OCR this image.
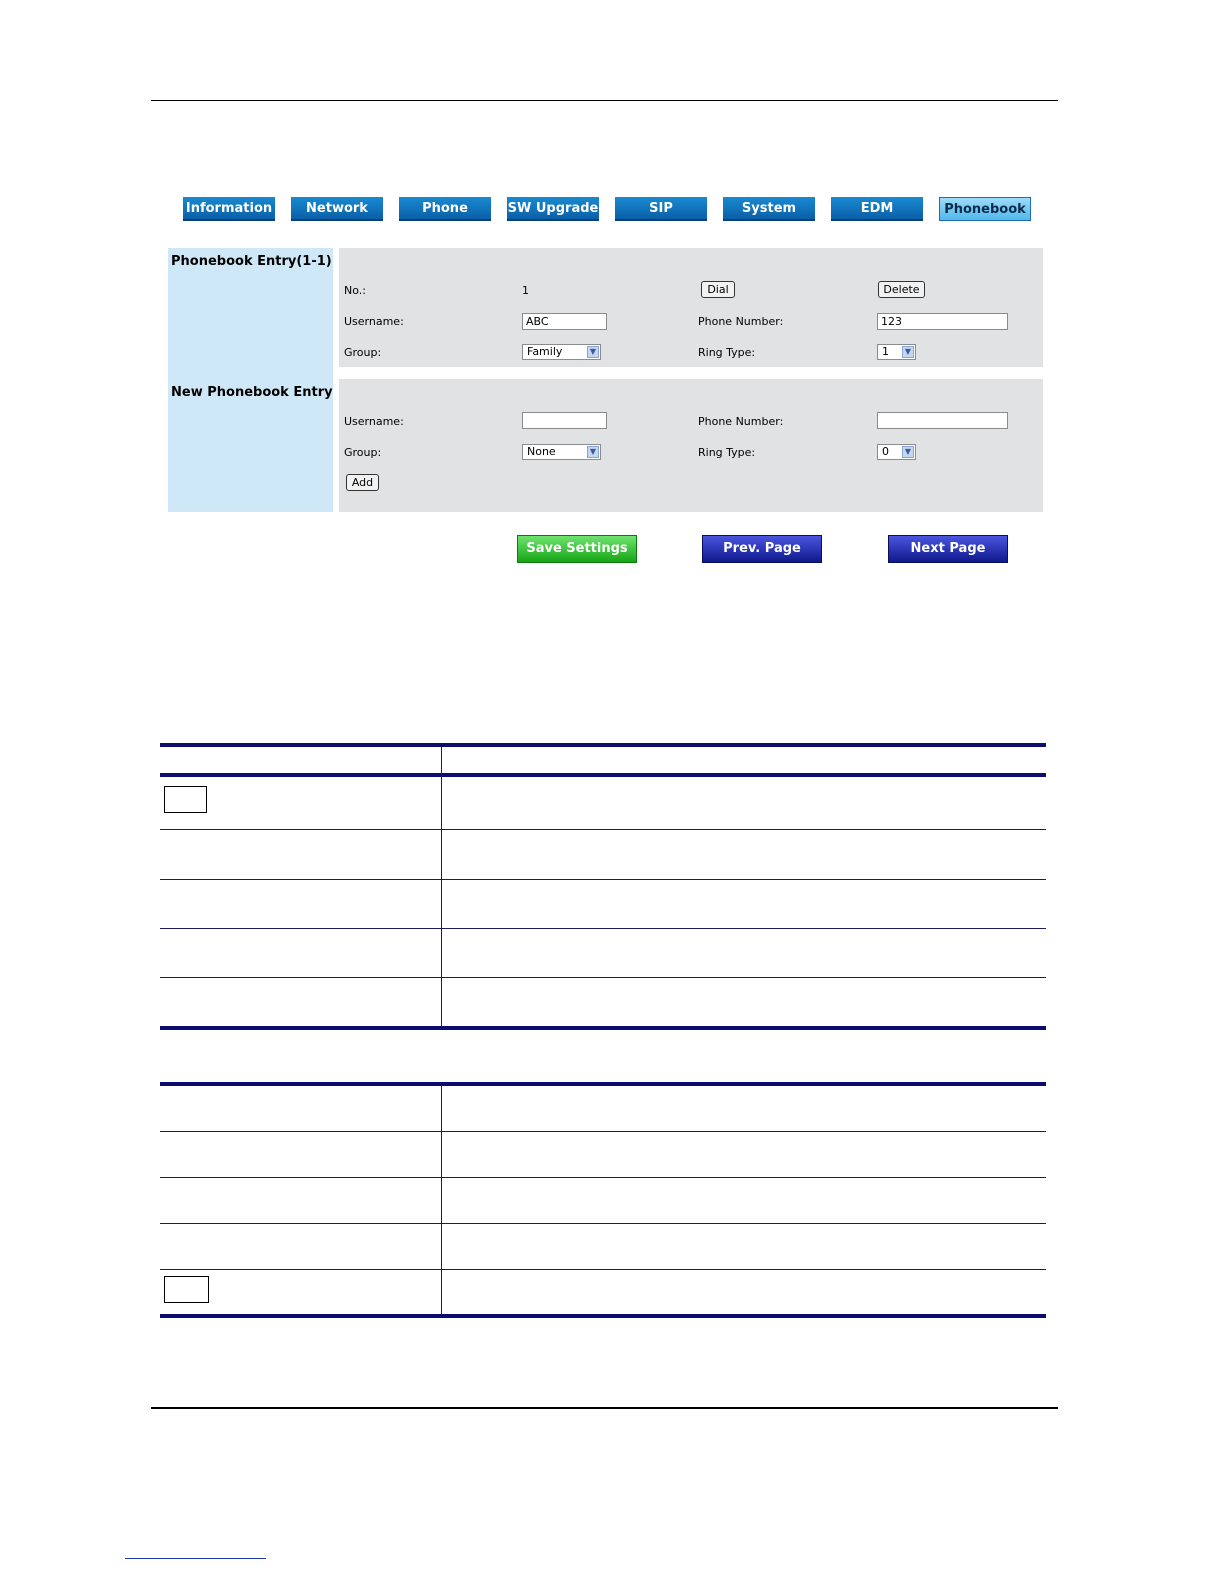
Information	Network	Phone	SW Upgrade	SIP	System	EDM	Phonebook
Phonebook Entry(1-1)
New Phonebook Entry
No.:	1	Dial	Delete
Username:	ABC	Phone Number:	123
Group:	Family	▼	Ring Type:	1	▼
Username:	Phone Number:
Group:	None	▼	Ring Type:	0	▼
Add
Save Settings	Prev. Page	Next Page
